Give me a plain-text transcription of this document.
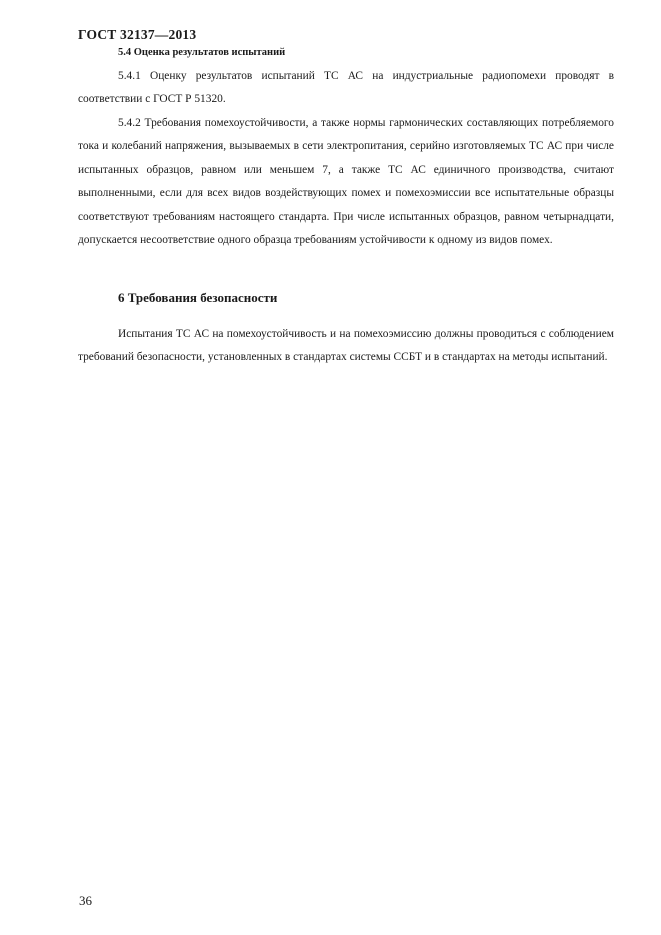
ГОСТ 32137—2013
5.4 Оценка результатов испытаний

5.4.1 Оценку результатов испытаний ТС АС на индустриальные радиопомехи проводят в соответствии с ГОСТ Р 51320.

5.4.2 Требования помехоустойчивости, а также нормы гармонических составляющих потребляемого тока и колебаний напряжения, вызываемых в сети электропитания, серийно изготовляемых ТС АС при числе испытанных образцов, равном или меньшем 7, а также ТС АС единичного производства, считают выполненными, если для всех видов воздействующих помех и помехоэмиссии все испытательные образцы соответствуют требованиям настоящего стандарта. При числе испытанных образцов, равном четырнадцати, допускается несоответствие одного образца требованиям устойчивости к одному из видов помех.

6 Требования безопасности

Испытания ТС АС на помехоустойчивость и на помехоэмиссию должны проводиться с соблюдением требований безопасности, установленных в стандартах системы ССБТ и в стандартах на методы испытаний.

36
